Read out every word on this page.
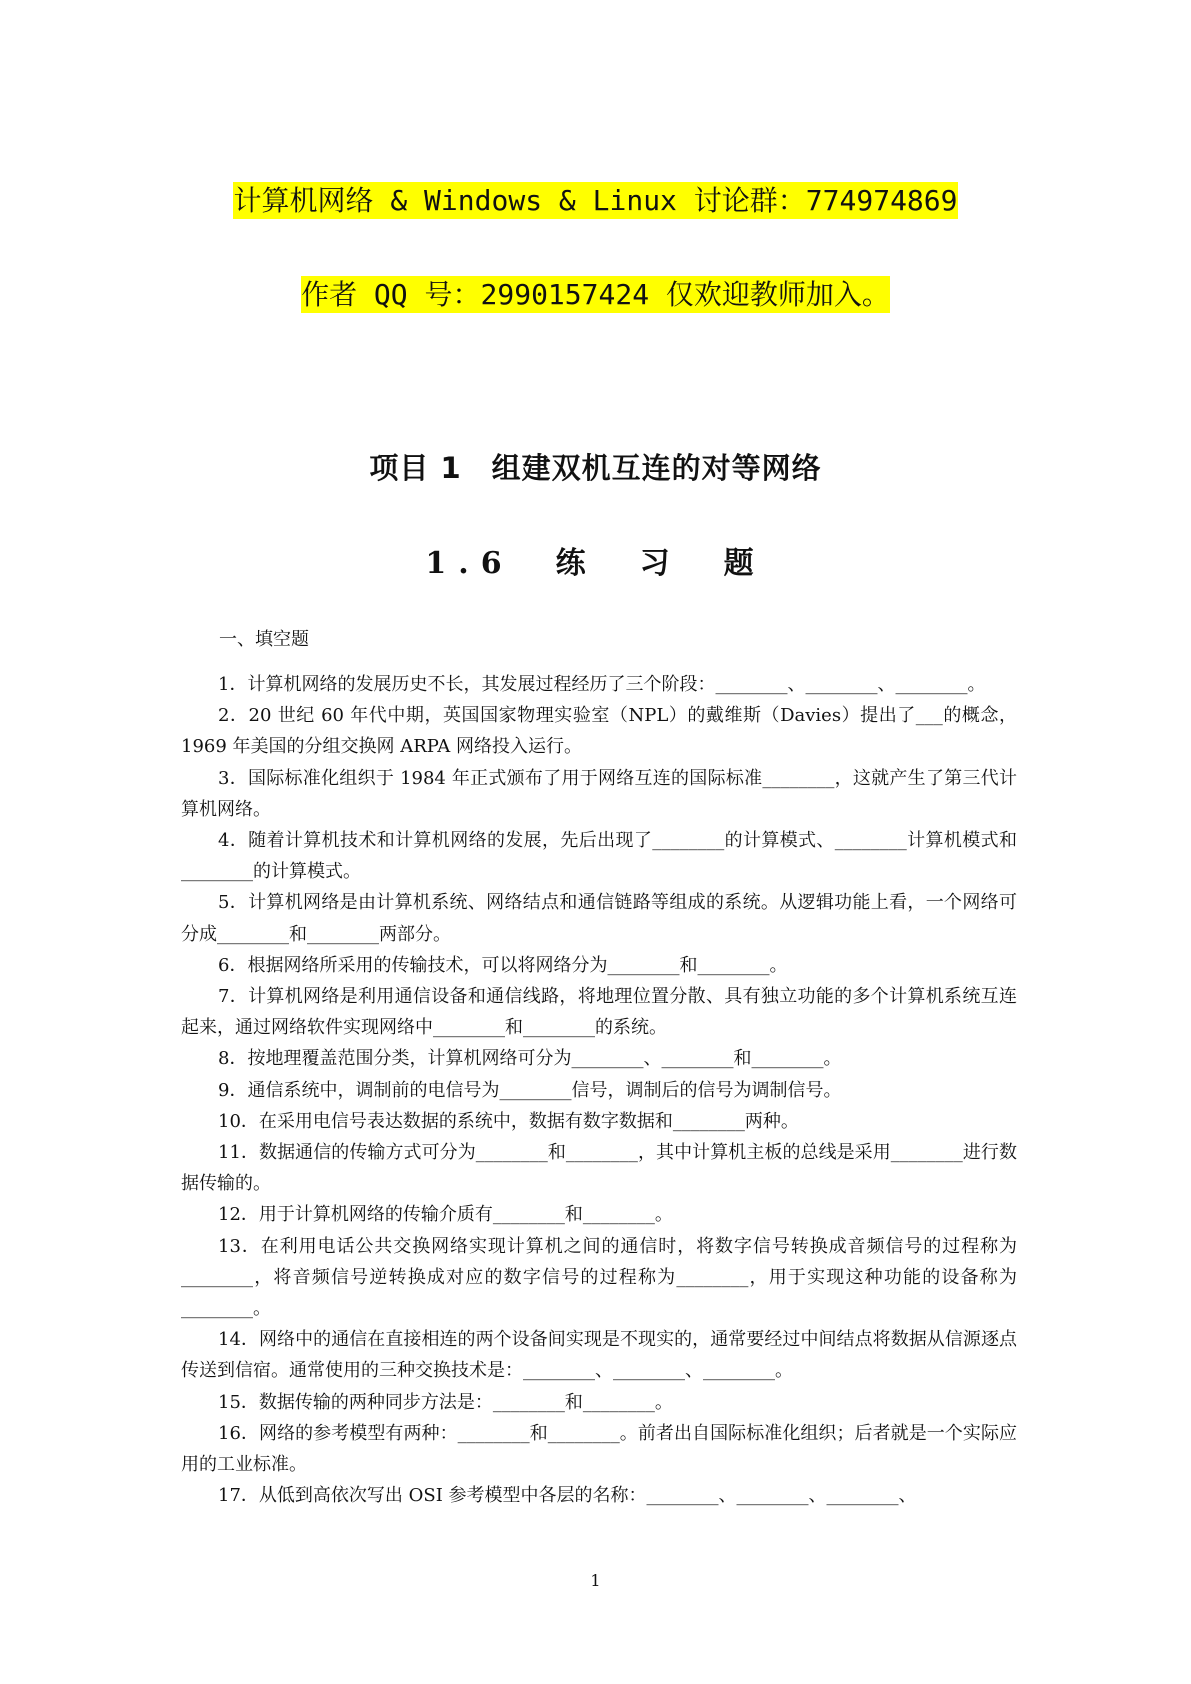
计算机网络 & Windows & Linux 讨论群：774974869
作者 QQ 号：2990157424 仅欢迎教师加入。
项目 1　组建双机互连的对等网络
1.6　练　习　题
一、填空题

1．计算机网络的发展历史不长，其发展过程经历了三个阶段：________、________、________。

2．20 世纪 60 年代中期，英国国家物理实验室（NPL）的戴维斯（Davies）提出了___的概念，1969 年美国的分组交换网 ARPA 网络投入运行。

3．国际标准化组织于 1984 年正式颁布了用于网络互连的国际标准________，这就产生了第三代计算机网络。

4．随着计算机技术和计算机网络的发展，先后出现了________的计算模式、________计算机模式和________的计算模式。

5．计算机网络是由计算机系统、网络结点和通信链路等组成的系统。从逻辑功能上看，一个网络可分成________和________两部分。

6．根据网络所采用的传输技术，可以将网络分为________和________。

7．计算机网络是利用通信设备和通信线路，将地理位置分散、具有独立功能的多个计算机系统互连起来，通过网络软件实现网络中________和________的系统。

8．按地理覆盖范围分类，计算机网络可分为________、________和________。

9．通信系统中，调制前的电信号为________信号，调制后的信号为调制信号。

10．在采用电信号表达数据的系统中，数据有数字数据和________两种。

11．数据通信的传输方式可分为________和________，其中计算机主板的总线是采用________进行数据传输的。

12．用于计算机网络的传输介质有________和________。

13．在利用电话公共交换网络实现计算机之间的通信时，将数字信号转换成音频信号的过程称为________，将音频信号逆转换成对应的数字信号的过程称为________，用于实现这种功能的设备称为________。

14．网络中的通信在直接相连的两个设备间实现是不现实的，通常要经过中间结点将数据从信源逐点传送到信宿。通常使用的三种交换技术是：________、________、________。

15．数据传输的两种同步方法是：________和________。

16．网络的参考模型有两种：________和________。前者出自国际标准化组织；后者就是一个实际应用的工业标准。

17．从低到高依次写出 OSI 参考模型中各层的名称：________、________、________、

1
